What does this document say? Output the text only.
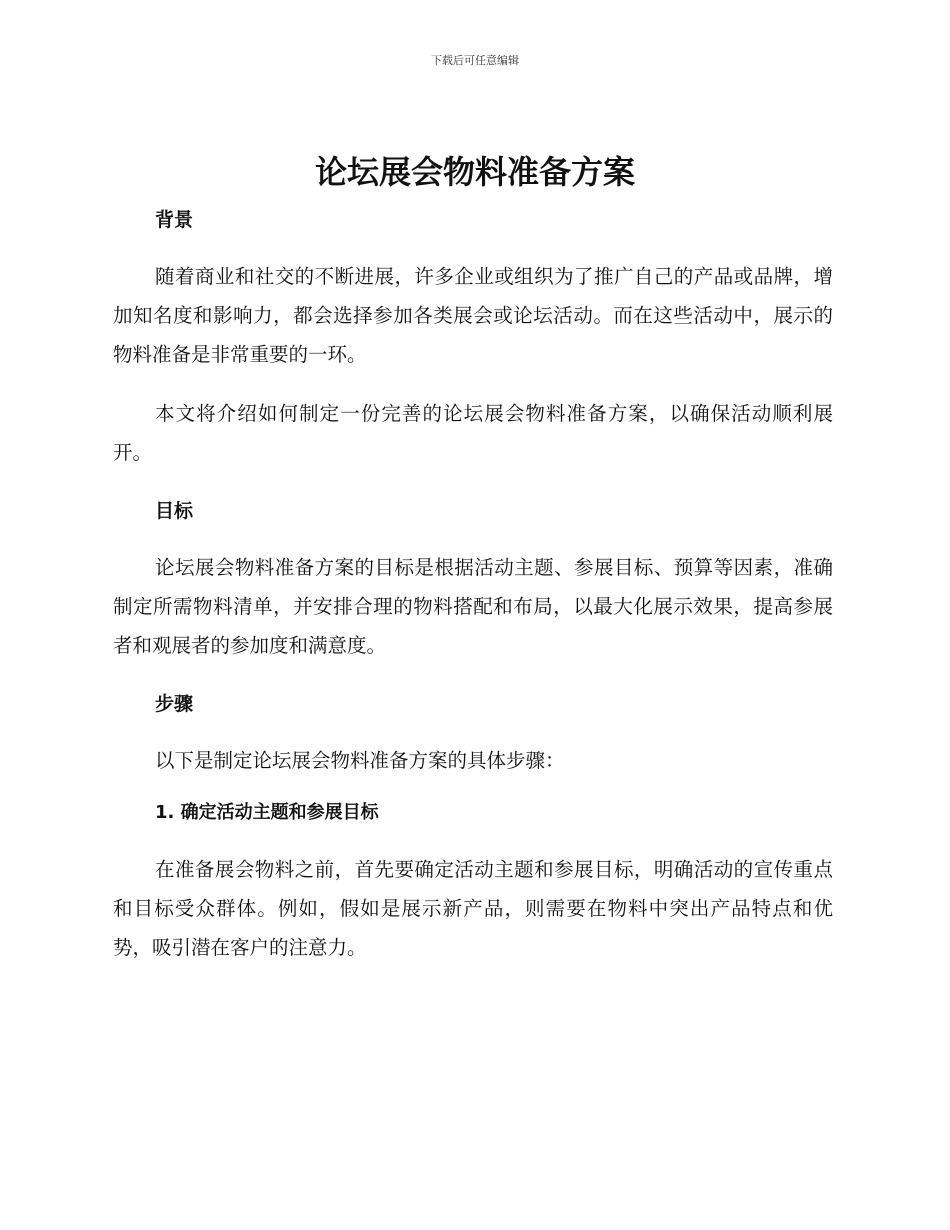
下载后可任意编辑
论坛展会物料准备方案
背景

随着商业和社交的不断进展，许多企业或组织为了推广自己的产品或品牌，增加知名度和影响力，都会选择参加各类展会或论坛活动。而在这些活动中，展示的物料准备是非常重要的一环。

本文将介绍如何制定一份完善的论坛展会物料准备方案，以确保活动顺利展开。

目标

论坛展会物料准备方案的目标是根据活动主题、参展目标、预算等因素，准确制定所需物料清单，并安排合理的物料搭配和布局，以最大化展示效果，提高参展者和观展者的参加度和满意度。

步骤

以下是制定论坛展会物料准备方案的具体步骤：

1. 确定活动主题和参展目标

在准备展会物料之前，首先要确定活动主题和参展目标，明确活动的宣传重点和目标受众群体。例如，假如是展示新产品，则需要在物料中突出产品特点和优势，吸引潜在客户的注意力。
